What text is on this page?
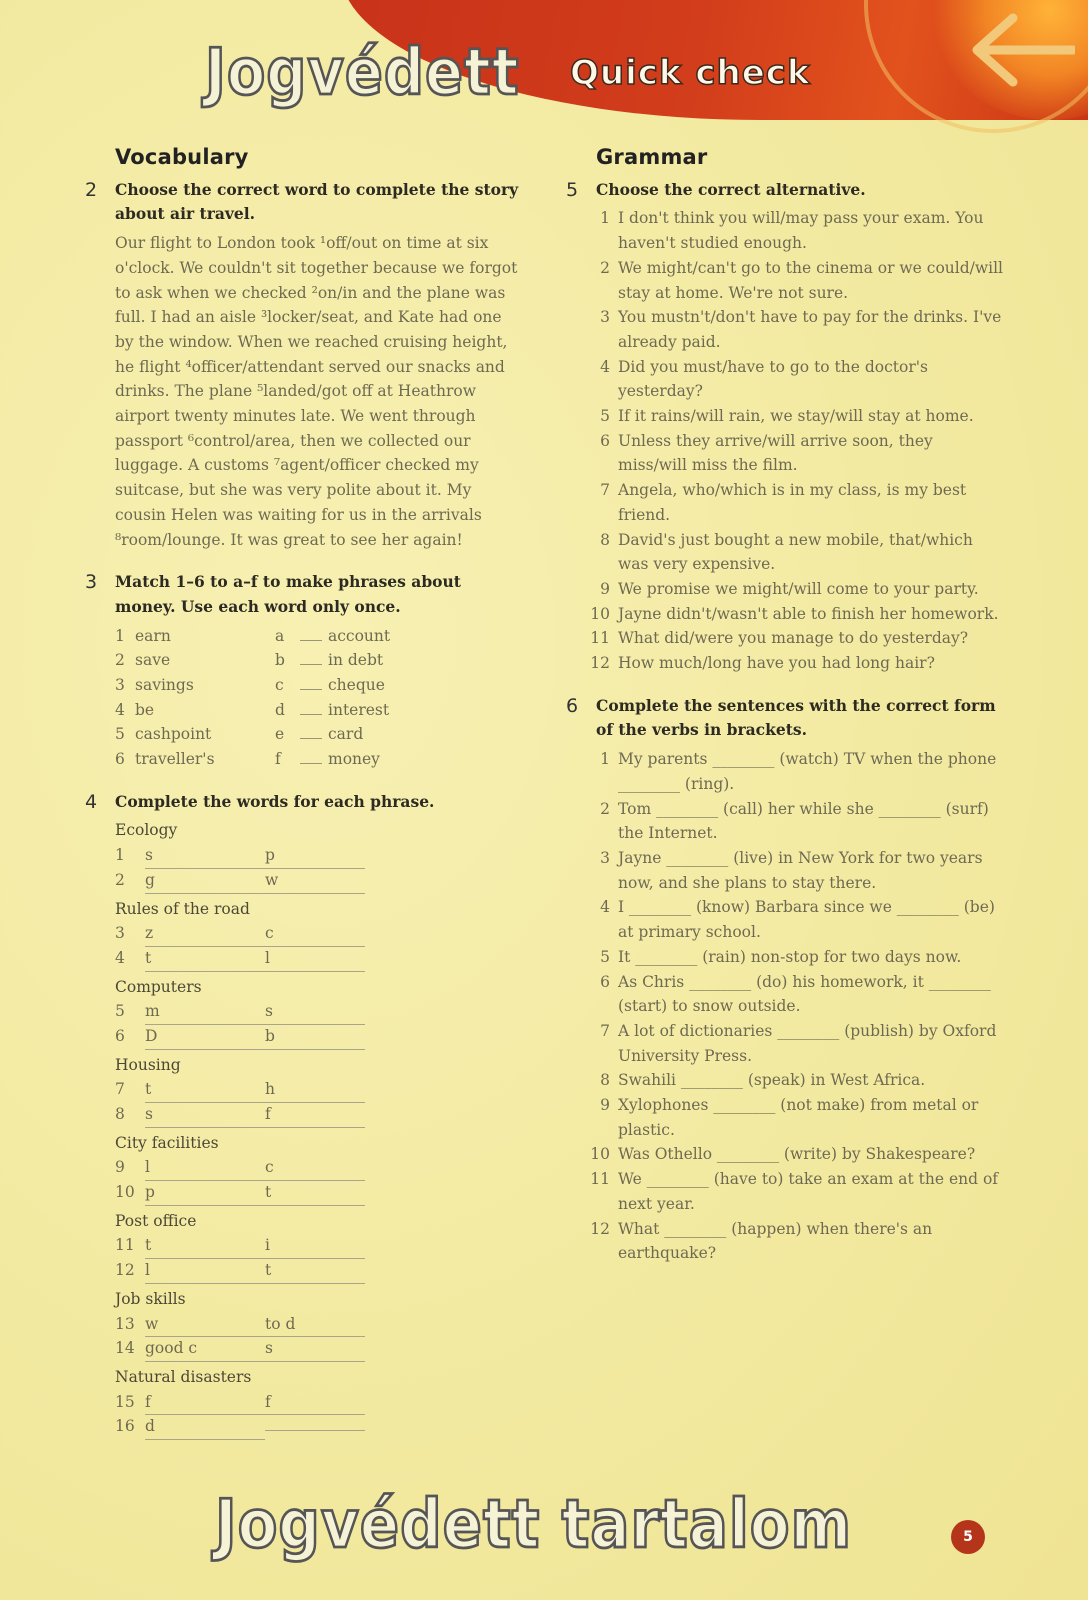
Jogvédett Quick check
Vocabulary
2 Choose the correct word to complete the story about air travel.
Our flight to London took ¹off/out on time at six o'clock. We couldn't sit together because we forgot to ask when we checked ²on/in and the plane was full. I had an aisle ³locker/seat, and Kate had one by the window. When we reached cruising height, he flight ⁴officer/attendant served our snacks and drinks. The plane ⁵landed/got off at Heathrow airport twenty minutes late. We went through passport ⁶control/area, then we collected our luggage. A customs ⁷agent/officer checked my suitcase, but she was very polite about it. My cousin Helen was waiting for us in the arrivals ⁸room/lounge. It was great to see her again!
3 Match 1–6 to a–f to make phrases about money. Use each word only once.
1 earn	a	account
2 save	b	in debt
3 savings	c	cheque
4 be	d	interest
5 cashpoint	e	card
6 traveller's	f	money
4 Complete the words for each phrase.
Ecology
1	s	p
2	g	w
Rules of the road
3	z	c
4	t	l
Computers
5	m	s
6	D	b
Housing
7	t	h
8	s	f
City facilities
9	l	c
10 p	t
Post office
11 t	i
12 l	t
Job skills
13 w	to d
14 good c	s
Natural disasters
15 f	f
16 d
Grammar
5 Choose the correct alternative.
1 I don't think you will/may pass your exam. You haven't studied enough.
2 We might/can't go to the cinema or we could/will stay at home. We're not sure.
3 You mustn't/don't have to pay for the drinks. I've already paid.
4 Did you must/have to go to the doctor's yesterday?
5 If it rains/will rain, we stay/will stay at home.
6 Unless they arrive/will arrive soon, they miss/will miss the film.
7 Angela, who/which is in my class, is my best friend.
8 David's just bought a new mobile, that/which was very expensive.
9 We promise we might/will come to your party.
10 Jayne didn't/wasn't able to finish her homework.
11 What did/were you manage to do yesterday?
12 How much/long have you had long hair?
6 Complete the sentences with the correct form of the verbs in brackets.
1 My parents ________ (watch) TV when the phone ________ (ring).
2 Tom ________ (call) her while she ________ (surf) the Internet.
3 Jayne ________ (live) in New York for two years now, and she plans to stay there.
4 I ________ (know) Barbara since we ________ (be) at primary school.
5 It ________ (rain) non-stop for two days now.
6 As Chris ________ (do) his homework, it ________ (start) to snow outside.
7 A lot of dictionaries ________ (publish) by Oxford University Press.
8 Swahili ________ (speak) in West Africa.
9 Xylophones ________ (not make) from metal or plastic.
10 Was Othello ________ (write) by Shakespeare?
11 We ________ (have to) take an exam at the end of next year.
12 What ________ (happen) when there's an earthquake?
Jogvédett tartalom	5
